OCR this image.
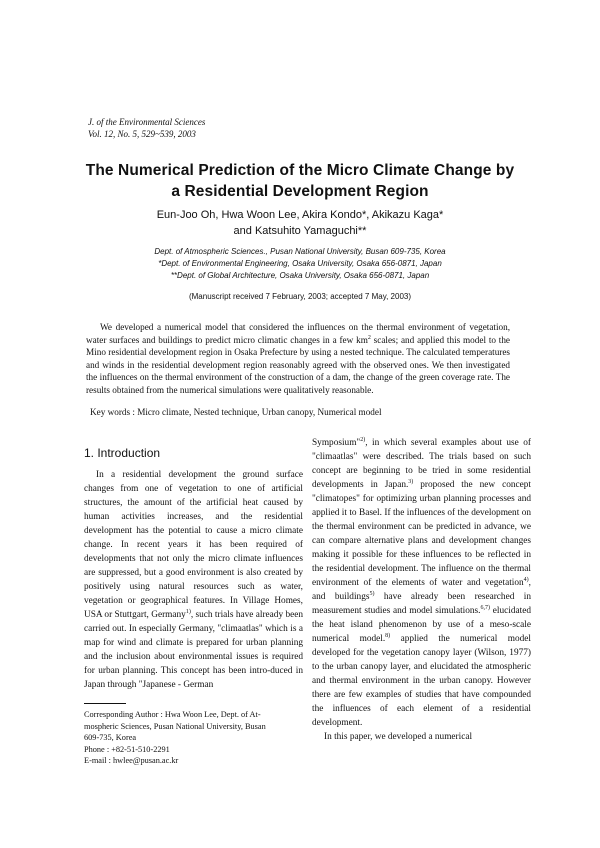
J. of the Environmental Sciences
Vol. 12, No. 5, 529~539, 2003
The Numerical Prediction of the Micro Climate Change by
a Residential Development Region
Eun-Joo Oh, Hwa Woon Lee, Akira Kondo*, Akikazu Kaga*
and Katsuhito Yamaguchi**
Dept. of Atmospheric Sciences., Pusan National University, Busan 609-735, Korea
*Dept. of Environmental Engineering, Osaka University, Osaka 656-0871, Japan
**Dept. of Global Architecture, Osaka University, Osaka 656-0871, Japan
(Manuscript received 7 February, 2003; accepted 7 May, 2003)

We developed a numerical model that considered the influences on the thermal environment of vegetation, water surfaces and buildings to predict micro climatic changes in a few $km^2$ scales; and applied this model to the Mino residential development region in Osaka Prefecture by using a nested technique. The calculated temperatures and winds in the residential development region reasonably agreed with the observed ones. We then investigated the influences on the thermal environment of the construction of a dam, the change of the green coverage rate. The results obtained from the numerical simulations were qualitatively reasonable.

Key words : Micro climate, Nested technique, Urban canopy, Numerical model
1. Introduction

In a residential development the ground surface changes from one of vegetation to one of artificial structures, the amount of the artificial heat caused by human activities increases, and the residential development has the potential to cause a micro climate change. In recent years it has been required of developments that not only the micro climate influences are suppressed, but a good environment is also created by positively using natural resources such as water, vegetation or geographical features. In Village Homes, USA or Stuttgart, Germany$^{1)}$, such trials have already been carried out. In especially Germany, "climaatlas" which is a map for wind and climate is prepared for urban planning and the inclusion about environmental issues is required for urban planning. This concept has been intro-duced in Japan through "Japanese - German

Symposium"$^{2)}$, in which several examples about use of "climaatlas" were described. The trials based on such concept are beginning to be tried in some residential developments in Japan.$^{3)}$ proposed the new concept "climatopes" for optimizing urban planning processes and applied it to Basel. If the influences of the development on the thermal environment can be predicted in advance, we can compare alternative plans and development changes making it possible for these influences to be reflected in the residential development. The influence on the thermal environment of the elements of water and vegetation$^{4)}$, and buildings$^{5)}$ have already been researched in measurement studies and model simulations.$^{6,7)}$ elucidated the heat island phenomenon by use of a meso-scale numerical model.$^{8)}$ applied the numerical model developed for the vegetation canopy layer (Wilson, 1977) to the urban canopy layer, and elucidated the atmospheric and thermal environment in the urban canopy. However there are few examples of studies that have compounded the influences of each element of a residential development.

In this paper, we developed a numerical

Corresponding Author : Hwa Woon Lee, Dept. of At-
mospheric Sciences, Pusan National University, Busan
609-735, Korea
Phone : +82-51-510-2291
E-mail : hwlee@pusan.ac.kr
